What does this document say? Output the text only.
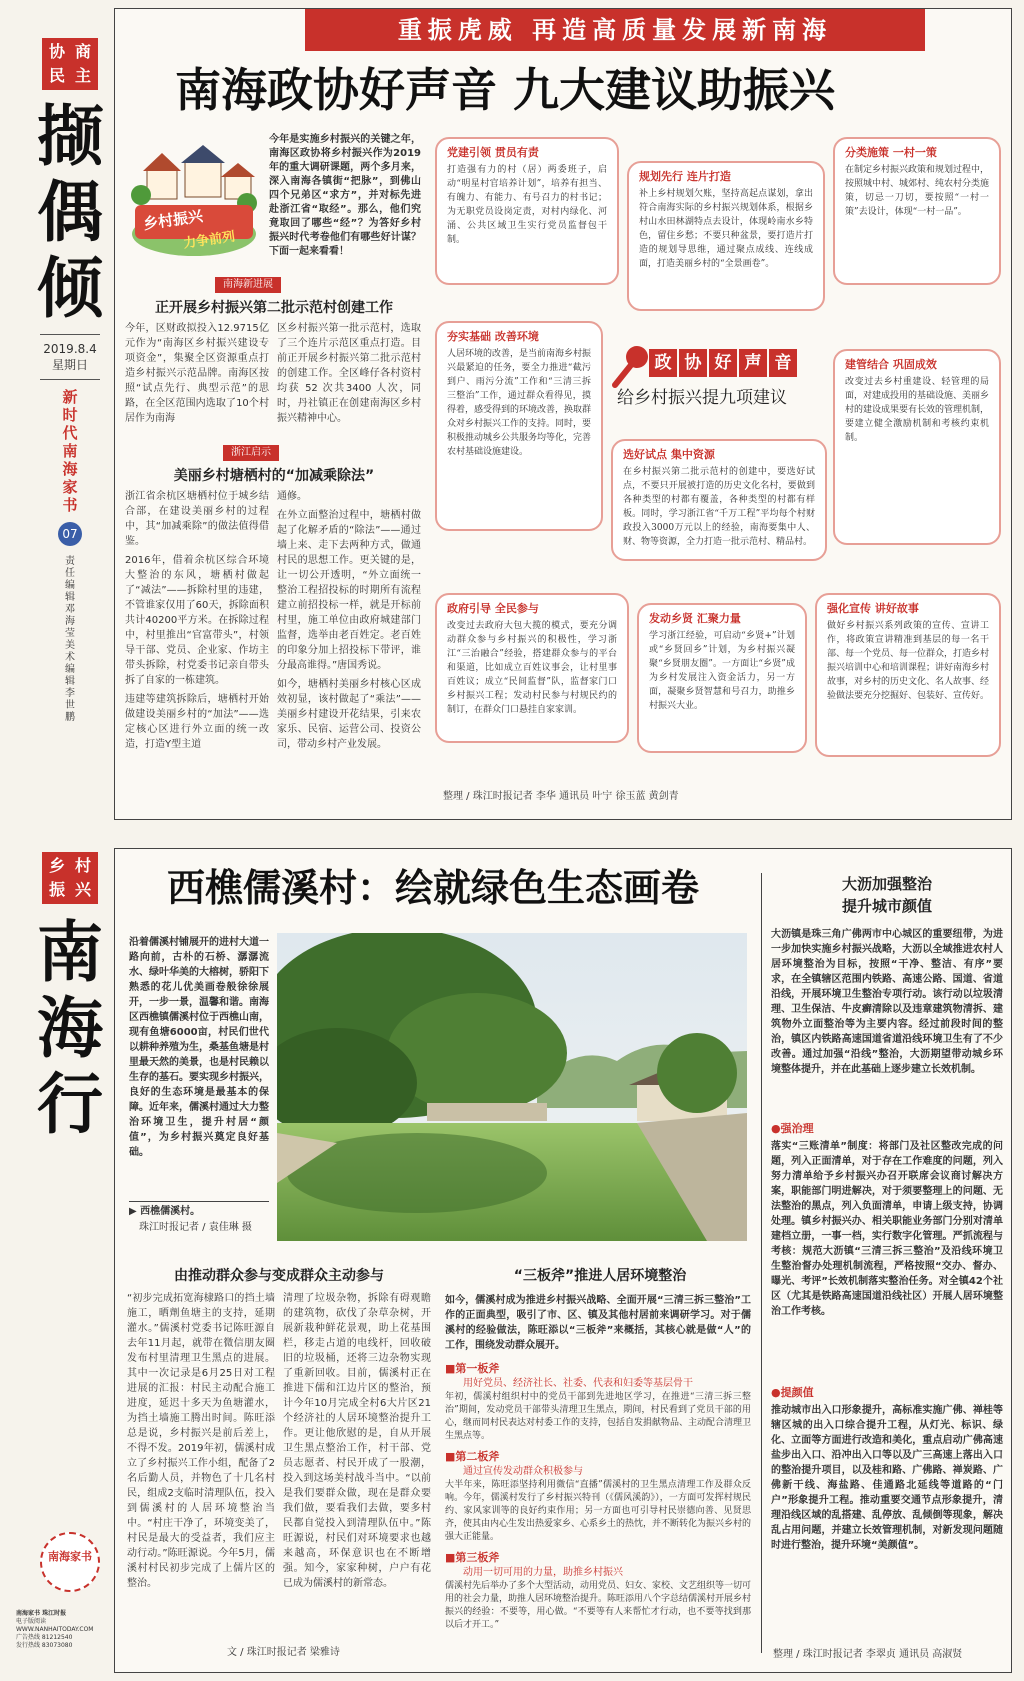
协 商
民 主
撷偶倾
2019.8.4
星期日
新时代南海家书
07
责任编辑 邓海莹 美术编辑 李世鹏
重振虎威 再造高质量发展新南海
南海政协好声音 九大建议助振兴
乡村振兴
力争前列
今年是实施乡村振兴的关键之年，南海区政协将乡村振兴作为2019年的重大调研课题，两个多月来，深入南海各镇街“把脉”，到佛山四个兄弟区“求方”，并对标先进赴浙江省“取经”。那么，他们究竟取回了哪些“经”？为答好乡村振兴时代考卷他们有哪些好计谋？下面一起来看看！
南海新进展
正开展乡村振兴第二批示范村创建工作
今年，区财政拟投入12.9715亿元作为“南海区乡村振兴建设专项资金”，集聚全区资源重点打造乡村振兴示范品牌。南海区按照“试点先行、典型示范”的思路，在全区范围内选取了10个村居作为南海
区乡村振兴第一批示范村，选取了三个连片示范区重点打造。目前正开展乡村振兴第二批示范村的创建工作。全区峰仔各村资村均获 52 次共3400 人次，同时，丹社镇正在创建南海区乡村振兴精神中心。
浙江启示
美丽乡村塘栖村的“加减乘除法”
浙江省余杭区塘栖村位于城乡结合部，在建设美丽乡村的过程中，其“加减乘除”的做法值得借鉴。
2016年，借着余杭区综合环境大整治的东风，塘栖村做起了“减法”——拆除村里的违建，不管谁家仅用了60天，拆除面积共计40200平方米。在拆除过程中，村里推出“官富带头”，村领导干部、党员、企业家、作坊主带头拆除，村党委书记亲自带头拆了自家的一栋建筑。
违建等建筑拆除后，塘栖村开始做建设美丽乡村的“加法”——选定核心区进行外立面的统一改造，打造Y型主道
通修。
在外立面整治过程中，塘栖村做起了化解矛盾的“除法”——通过墙上来、走下去两种方式，做通村民的思想工作。更关键的是，让一切公开透明，“外立面统一整治工程招投标的时期所有流程建立前招投标一样，就是开标前村里，施工单位由政府城建部门监督，选举由老百姓定。老百姓的印象分加上招投标下带评，谁分最高谁得。”唐国秀说。
如今，塘栖村美丽乡村核心区成效初显，该村做起了“乘法”——美丽乡村建设开花结果，引来农家乐、民宿、运营公司、投资公司，带动乡村产业发展。
党建引领 贯员有责
打造强有力的村（居）两委班子，启动“明星村官培养计划”，培养有担当、有魄力、有能力、有号召力的村书记；为无职党员设岗定责，对村内绿化、河涌、公共区域卫生实行党员监督包干制。
规划先行 连片打造
补上乡村规划欠账，坚持高起点谋划，拿出符合南海实际的乡村振兴规划体系，根据乡村山水田林湖特点去设计，体现岭南水乡特色，留住乡愁；不要只种盆景，要打造片打造的规划导思维，通过聚点成线、连线成面，打造美丽乡村的“全景画卷”。
分类施策 一村一策
在制定乡村振兴政策和规划过程中，按照城中村、城郊村、纯农村分类施策，切忌一刀切，要按照“一村一策”去设计，体现“一村一品”。
夯实基础 改善环境
人居环境的改善，是当前南海乡村振兴最紧迫的任务，要全力推进“截污到户、雨污分流”工作和“三清三拆三整治”工作，通过群众看得见，摸得着，感受得到的环境改善，换取群众对乡村振兴工作的支持。同时，要积极推动城乡公共服务均等化，完善农村基础设施建设。
建管结合 巩固成效
改变过去乡村重建设、轻管理的局面，对建成投用的基础设施、美丽乡村的建设成果要有长效的管理机制，要建立健全激励机制和考核约束机制。
选好试点 集中资源
在乡村振兴第二批示范村的创建中，要选好试点，不要只开展被打造的历史文化名村，要做到各种类型的村都有覆盖，各种类型的村都有样板。同时，学习浙江省“千万工程”平均每个村财政投入3000万元以上的经验，南海要集中人、财、物等资源，全力打造一批示范村、精品村。
政府引导 全民参与
改变过去政府大包大揽的模式，要充分调动群众参与乡村振兴的积极性，学习浙江“三治融合”经验，搭建群众参与的平台和渠道，比如成立百姓议事会，让村里事百姓议；成立“民间监督”队，监督家门口乡村振兴工程；发动村民参与村规民约的制订，在群众门口悬挂自家家训。
发动乡贤 汇聚力量
学习浙江经验，可启动“乡贤+”计划或“乡贤回乡”计划，为乡村振兴凝聚“乡贤朋友圈”。一方面让“乡贤”成为乡村发展注入资金活力，另一方面，凝聚乡贤智慧和号召力，助推乡村振兴大业。
强化宣传 讲好故事
做好乡村振兴系列政策的宣传、宣讲工作，将政策宣讲精准到基层的每一名干部、每一个党员、每一位群众，打造乡村振兴培训中心和培训课程；讲好南海乡村故事，对乡村的历史文化、名人故事、经验做法要充分挖掘好、包装好、宣传好。
政 协 好 声 音
给乡村振兴提九项建议
整理 / 珠江时报记者 李华 通讯员 叶宁 徐玉蓝 黄剑青
乡 村
振 兴
南海行
南海家书
南海家书 珠江时报
电子版阅读 WWW.NANHAITODAY.COM
广告热线 81212540
发行热线 83073080
西樵儒溪村：绘就绿色生态画卷
沿着儒溪村铺展开的进村大道一路向前，古朴的石桥、潺潺流水、绿叶华美的大榕树，骄阳下熟悉的花儿优美画卷般徐徐展开，一步一景，温馨和谐。南海区西樵镇儒溪村位于西樵山南，现有鱼塘6000亩，村民们世代以耕种养殖为生，桑基鱼塘是村里最天然的美景，也是村民赖以生存的基石。要实现乡村振兴，良好的生态环境是最基本的保障。近年来，儒溪村通过大力整治环境卫生，提升村居“颜值”，为乡村振兴奠定良好基础。
▶ 西樵儒溪村。
珠江时报记者 / 袁佳琳 摄
由推动群众参与变成群众主动参与
“初步完成拓宽海棣路口的挡土墙施工，晒劑鱼塘主的支持，延期灌水。”儒溪村党委书记陈旺源自去年11月起，就带在微信朋友圈发布村里清理卫生黑点的进展。其中一次记录是6月25日对工程进展的汇报：村民主动配合施工进度，延迟十多天为鱼塘灌水，为挡土墙施工腾出时间。陈旺添总是说，乡村振兴是前后差上，不得不发。2019年初，儒溪村成立了乡村振兴工作小组，配备了2名后勤人员，并物色了十几名村民，组成2支临时清理队伍，投入到儒溪村的人居环境整治当中。“村庄干净了，环境变美了，村民是最大的受益者，我们应主动行动。”陈旺源说。今年5月，儒溪村村民初步完成了上儒片区的整治。
清理了垃圾杂物，拆除有碍观瞻的建筑物，砍伐了杂草杂树，开展新栽种鲜花景观，助上花基围栏，移走占道的电线杆，回收破旧的垃圾桶，还将三边杂物实现了重新回收。目前，儒溪村正在推进下儒和江边片区的整治，预计今年10月完成全村6大片区21个经济社的人居环境整治提升工作。更让他欣慰的是，自从开展卫生黑点整治工作，村干部、党员志愿者、村民开成了一股潮，投入到这场美村战斗当中。“以前是我们要群众做，现在是群众要我们做，要看我们去做，要多村民都自觉投入到清理队伍中。”陈旺源说，村民们对环境要求也越来越高，环保意识也在不断增强。知今，家家种树，户户有花已成为儒溪村的新常态。
文 / 珠江时报记者 梁雅诗
“三板斧”推进人居环境整治
如今，儒溪村成为推进乡村振兴战略、全面开展“三清三拆三整治”工作的正面典型，吸引了市、区、镇及其他村居前来调研学习。对于儒溪村的经验做法，陈旺添以“三板斧”来概括，其核心就是做“人”的工作，围绕发动群众展开。
■第一板斧
用好党员、经济社长、社委、代表和妇委等基层骨干
年初，儒溪村组织村中的党员干部到先进地区学习，在推进“三清三拆三整治”期间，发动党员干部带头清理卫生黑点，期间，村民看到了党员干部的用心，继而同村民表达对村委工作的支持，包括自发捐献物品、主动配合清理卫生黑点等。
■第二板斧
通过宣传发动群众积极参与
大半年来，陈旺添坚持利用微信“直播”儒溪村的卫生黑点清理工作及群众反响。今年，儒溪村发行了乡村振兴特刊（《儒风溪韵》），一方面可发挥村规民约、家风家训等的良好约束作用；另一方面也可引导村民崇德向善、见贤思齐，使其由内心生发出热爱家乡、心系乡土的热忱，并不断转化为振兴乡村的强大正能量。
■第三板斧
动用一切可用的力量，助推乡村振兴
儒溪村先后举办了多个大型活动，动用党员、妇女、家校、文艺组织等一切可用的社会力量，助推人居环境整治提升。陈旺添用八个字总结儒溪村开展乡村振兴的经验：不要等，用心做。“不要等有人来帮忙才行动，也不要等找到那以后才开工。”
大沥加强整治
提升城市颜值
大沥镇是珠三角广佛两市中心城区的重要纽带，为进一步加快实施乡村振兴战略，大沥以全域推进农村人居环境整治为目标，按照“干净、整洁、有序”要求，在全镇辖区范围内铁路、高速公路、国道、省道沿线，开展环境卫生整治专项行动。该行动以垃圾清理、卫生保洁、牛皮癣清除以及违章建筑物清拆、建筑物外立面整治等为主要内容。经过前段时间的整治，镇区内铁路高速国道省道沿线环境卫生有了不少改善。通过加强“沿线”整治，大沥期望带动城乡环境整体提升，并在此基础上逐步建立长效机制。
●强治理
落实“三账清单”制度：将部门及社区整改完成的问题，列入正面清单，对于存在工作难度的问题，列入努力清单给予乡村振兴办召开联席会议商讨解决方案，职能部门明进解决，对于须要整理上的问题、无法整治的黑点，列入负面清单，申请上级支持，协调处理。镇乡村振兴办、相关职能业务部门分别对清单建档立册，一事一档，实行数字化管理。严抓流程与考核：规范大沥镇“三清三拆三整治”及沿线环境卫生整治督办处理机制流程，严格按照“交办、督办、曝光、考评”长效机制落实整治任务。对全镇42个社区（尤其是铁路高速国道沿线社区）开展人居环境整治工作考核。
●提颜值
推动城市出入口形象提升，高标准实施广佛、禅桂等辖区城的出入口综合提升工程，从灯光、标识、绿化、立面等方面进行改造和美化，重点启动广佛高速盐步出入口、沿冲出入口等以及广三高速上落出入口的整治提升项目，以及桂和路、广佛路、禅炭路、广佛新干线、海盐路、佳通路北延线等道路的“门户”形象提升工程。推动重要交通节点形象提升，清理沿线区域的乱搭建、乱停放、乱倾倒等现象，解决乱占用问题，并建立长效管理机制，对新发现问题随时进行整治，提升环境“美颜值”。
整理 / 珠江时报记者 李翠贞 通讯员 高淑贤
